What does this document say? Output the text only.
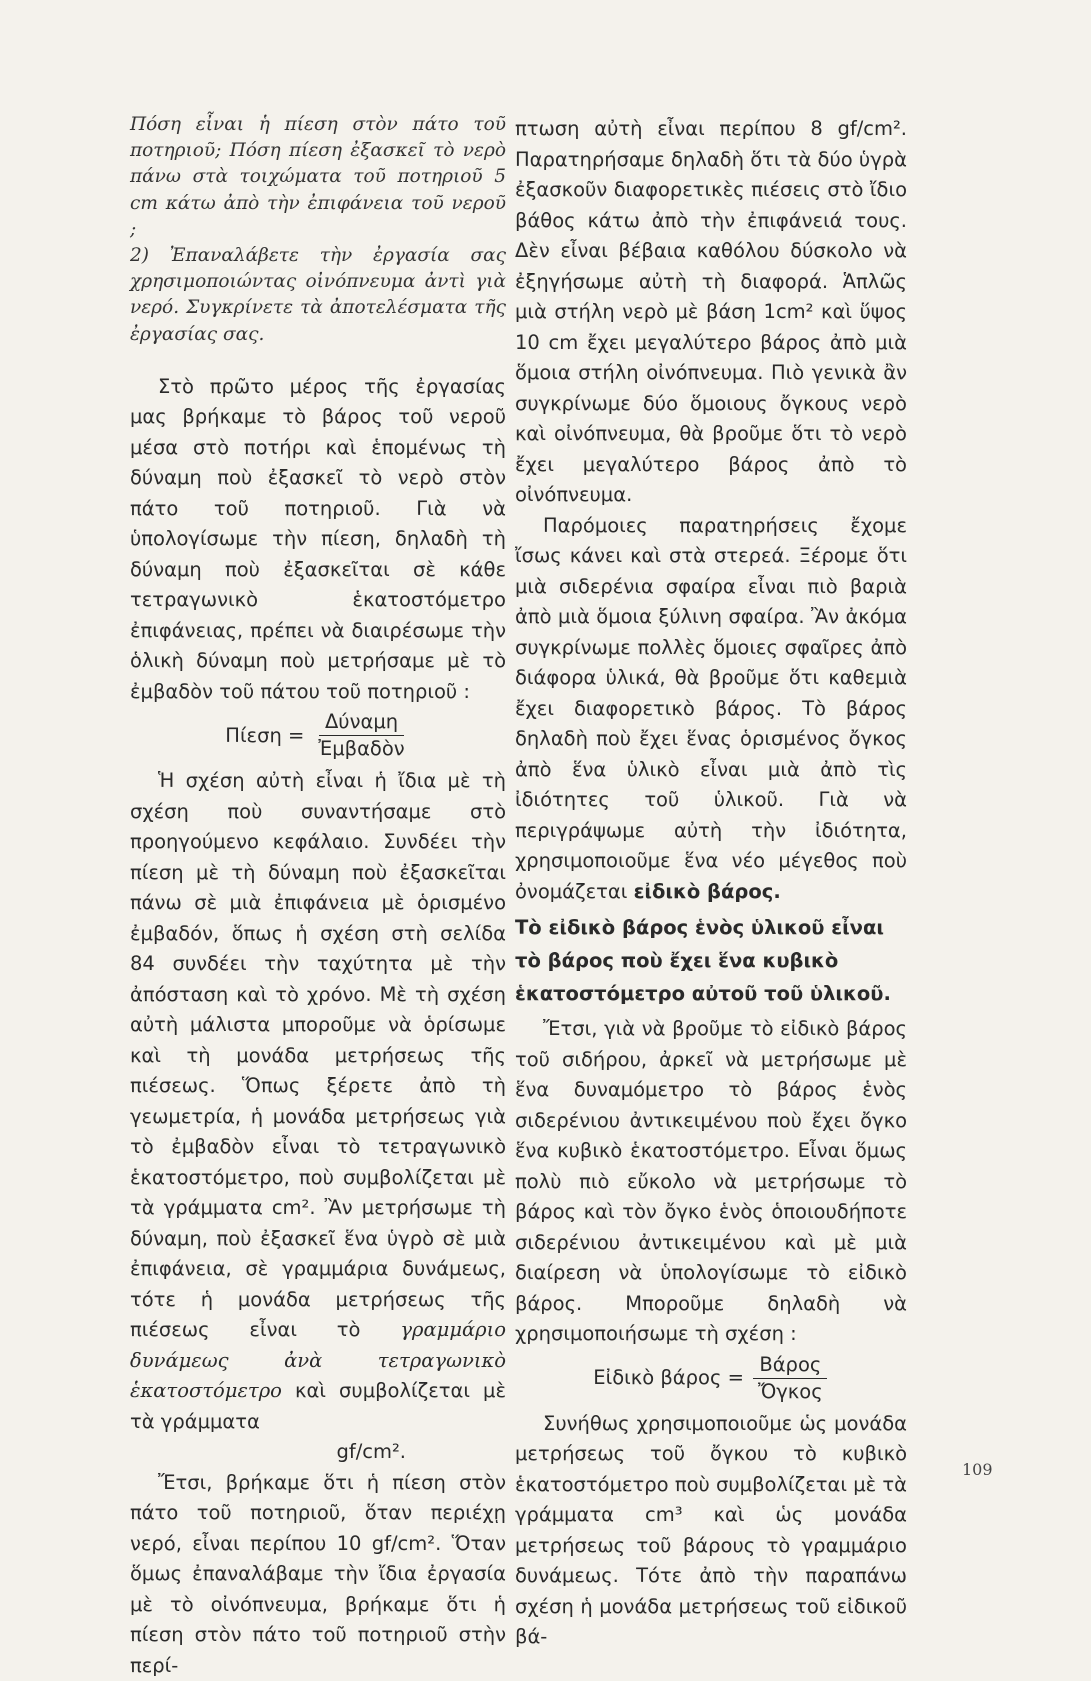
Πόση εἶναι ἡ πίεση στὸν πάτο τοῦ ποτηριοῦ; Πόση πίεση ἐξασκεῖ τὸ νερὸ πάνω στὰ τοιχώματα τοῦ ποτηριοῦ 5 cm κάτω ἀπὸ τὴν ἐπιφάνεια τοῦ νεροῦ ;

2) Ἐπαναλάβετε τὴν ἐργασία σας χρησιμοποιώντας οἰνόπνευμα ἀντὶ γιὰ νερό. Συγκρίνετε τὰ ἀποτελέσματα τῆς ἐργασίας σας.

Στὸ πρῶτο μέρος τῆς ἐργασίας μας βρήκαμε τὸ βάρος τοῦ νεροῦ μέσα στὸ ποτήρι καὶ ἑπομένως τὴ δύναμη ποὺ ἐξασκεῖ τὸ νερὸ στὸν πάτο τοῦ ποτηριοῦ. Γιὰ νὰ ὑπολογίσωμε τὴν πίεση, δηλαδὴ τὴ δύναμη ποὺ ἐξασκεῖται σὲ κάθε τετραγωνικὸ ἑκατοστόμετρο ἐπιφάνειας, πρέπει νὰ διαιρέσωμε τὴν ὁλικὴ δύναμη ποὺ μετρήσαμε μὲ τὸ ἐμβαδὸν τοῦ πάτου τοῦ ποτηριοῦ :

$\Pi ί\varepsilon\sigma\eta = \frac{\text{Δύναμη}}{\text{Ἐμβαδὸν}}$

Ἡ σχέση αὐτὴ εἶναι ἡ ἴδια μὲ τὴ σχέση ποὺ συναντήσαμε στὸ προηγούμενο κεφάλαιο. Συνδέει τὴν πίεση μὲ τὴ δύναμη ποὺ ἐξασκεῖται πάνω σὲ μιὰ ἐπιφάνεια μὲ ὁρισμένο ἐμβαδόν, ὅπως ἡ σχέση στὴ σελίδα 84 συνδέει τὴν ταχύτητα μὲ τὴν ἀπόσταση καὶ τὸ χρόνο. Μὲ τὴ σχέση αὐτὴ μάλιστα μποροῦμε νὰ ὁρίσωμε καὶ τὴ μονάδα μετρήσεως τῆς πιέσεως. Ὅπως ξέρετε ἀπὸ τὴ γεωμετρία, ἡ μονάδα μετρήσεως γιὰ τὸ ἐμβαδὸν εἶναι τὸ τετραγωνικὸ ἑκατοστόμετρο, ποὺ συμβολίζεται μὲ τὰ γράμματα cm². Ἂν μετρήσωμε τὴ δύναμη, ποὺ ἐξασκεῖ ἕνα ὑγρὸ σὲ μιὰ ἐπιφάνεια, σὲ γραμμάρια δυνάμεως, τότε ἡ μονάδα μετρήσεως τῆς πιέσεως εἶναι τὸ γραμμάριο δυνάμεως ἀνὰ τετραγωνικὸ ἑκατοστόμετρο καὶ συμβολίζεται μὲ τὰ γράμματα

gf/cm².

Ἔτσι, βρήκαμε ὅτι ἡ πίεση στὸν πάτο τοῦ ποτηριοῦ, ὅταν περιέχῃ νερό, εἶναι περίπου 10 gf/cm². Ὅταν ὅμως ἐπαναλάβαμε τὴν ἴδια ἐργασία μὲ τὸ οἰνόπνευμα, βρήκαμε ὅτι ἡ πίεση στὸν πάτο τοῦ ποτηριοῦ στὴν περί-

πτωση αὐτὴ εἶναι περίπου 8 gf/cm². Παρατηρήσαμε δηλαδὴ ὅτι τὰ δύο ὑγρὰ ἐξασκοῦν διαφορετικὲς πιέσεις στὸ ἴδιο βάθος κάτω ἀπὸ τὴν ἐπιφάνειά τους. Δὲν εἶναι βέβαια καθόλου δύσκολο νὰ ἐξηγήσωμε αὐτὴ τὴ διαφορά. Ἁπλῶς μιὰ στήλη νερὸ μὲ βάση 1cm² καὶ ὕψος 10 cm ἔχει μεγαλύτερο βάρος ἀπὸ μιὰ ὅμοια στήλη οἰνόπνευμα. Πιὸ γενικὰ ἂν συγκρίνωμε δύο ὅμοιους ὄγκους νερὸ καὶ οἰνόπνευμα, θὰ βροῦμε ὅτι τὸ νερὸ ἔχει μεγαλύτερο βάρος ἀπὸ τὸ οἰνόπνευμα.

Παρόμοιες παρατηρήσεις ἔχομε ἴσως κάνει καὶ στὰ στερεά. Ξέρομε ὅτι μιὰ σιδερένια σφαίρα εἶναι πιὸ βαριὰ ἀπὸ μιὰ ὅμοια ξύλινη σφαίρα. Ἂν ἀκόμα συγκρίνωμε πολλὲς ὅμοιες σφαῖρες ἀπὸ διάφορα ὑλικά, θὰ βροῦμε ὅτι καθεμιὰ ἔχει διαφορετικὸ βάρος. Τὸ βάρος δηλαδὴ ποὺ ἔχει ἕνας ὁρισμένος ὄγκος ἀπὸ ἕνα ὑλικὸ εἶναι μιὰ ἀπὸ τὶς ἰδιότητες τοῦ ὑλικοῦ. Γιὰ νὰ περιγράψωμε αὐτὴ τὴν ἰδιότητα, χρησιμοποιοῦμε ἕνα νέο μέγεθος ποὺ ὀνομάζεται εἰδικὸ βάρος.

Τὸ εἰδικὸ βάρος ἑνὸς ὑλικοῦ εἶναι τὸ βάρος ποὺ ἔχει ἕνα κυβικὸ ἑκατοστόμετρο αὐτοῦ τοῦ ὑλικοῦ.

Ἔτσι, γιὰ νὰ βροῦμε τὸ εἰδικὸ βάρος τοῦ σιδήρου, ἀρκεῖ νὰ μετρήσωμε μὲ ἕνα δυναμόμετρο τὸ βάρος ἑνὸς σιδερένιου ἀντικειμένου ποὺ ἔχει ὄγκο ἕνα κυβικὸ ἑκατοστόμετρο. Εἶναι ὅμως πολὺ πιὸ εὔκολο νὰ μετρήσωμε τὸ βάρος καὶ τὸν ὄγκο ἑνὸς ὁποιουδήποτε σιδερένιου ἀντικειμένου καὶ μὲ μιὰ διαίρεση νὰ ὑπολογίσωμε τὸ εἰδικὸ βάρος. Μποροῦμε δηλαδὴ νὰ χρησιμοποιήσωμε τὴ σχέση :

Εἰδικὸ $\beta ά\rho o\varsigma = \frac{\text{Βάρος}}{\text{Ὄγκος}}$

Συνήθως χρησιμοποιοῦμε ὡς μονάδα μετρήσεως τοῦ ὄγκου τὸ κυβικὸ ἑκατοστόμετρο ποὺ συμβολίζεται μὲ τὰ γράμματα cm³ καὶ ὡς μονάδα μετρήσεως τοῦ βάρους τὸ γραμμάριο δυνάμεως. Τότε ἀπὸ τὴν παραπάνω σχέση ἡ μονάδα μετρήσεως τοῦ εἰδικοῦ βά-

109
